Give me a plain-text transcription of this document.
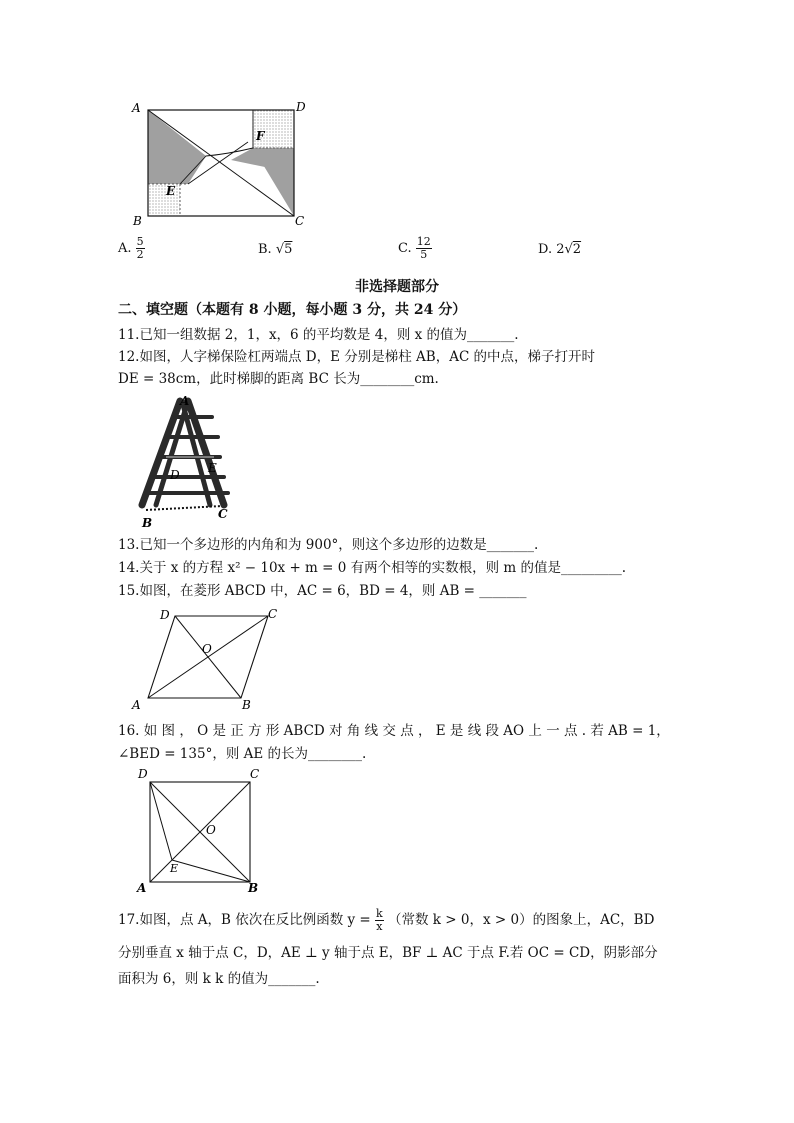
A	D
B	C
E
F
A. $\frac{5}{2}$	B. √5	C. $\frac{12}{5}$	D. 2√2
非选择题部分
二、填空题（本题有 8 小题，每小题 3 分，共 24 分）
11.已知一组数据 2，1，x，6 的平均数是 4，则 x 的值为_______.
12.如图，人字梯保险杠两端点 D，E 分别是梯柱 AB，AC 的中点，梯子打开时
DE = 38cm，此时梯脚的距离 BC 长为________cm.
A
D E
B
C
13.已知一个多边形的内角和为 900°，则这个多边形的边数是_______.
14.关于 x 的方程 x² − 10x + m = 0 有两个相等的实数根，则 m 的值是_________.
15.如图，在菱形 ABCD 中，AC = 6，BD = 4，则 AB = _______
D	C
O
A	B
16. 如 图 ， O 是 正 方 形 ABCD 对 角 线 交 点 ， E 是 线 段 AO 上 一 点 . 若 AB = 1，
∠BED = 135°，则 AE 的长为________.
D	C
O
E
A	B
17.如图，点 A，B 依次在反比例函数 $y = \frac{k}{x}$ （常数 k > 0，x > 0）的图象上，AC，BD
分别垂直 x 轴于点 C，D，AE ⊥ y 轴于点 E，BF ⊥ AC 于点 F.若 OC = CD，阴影部分
面积为 6，则 k k 的值为_______.
